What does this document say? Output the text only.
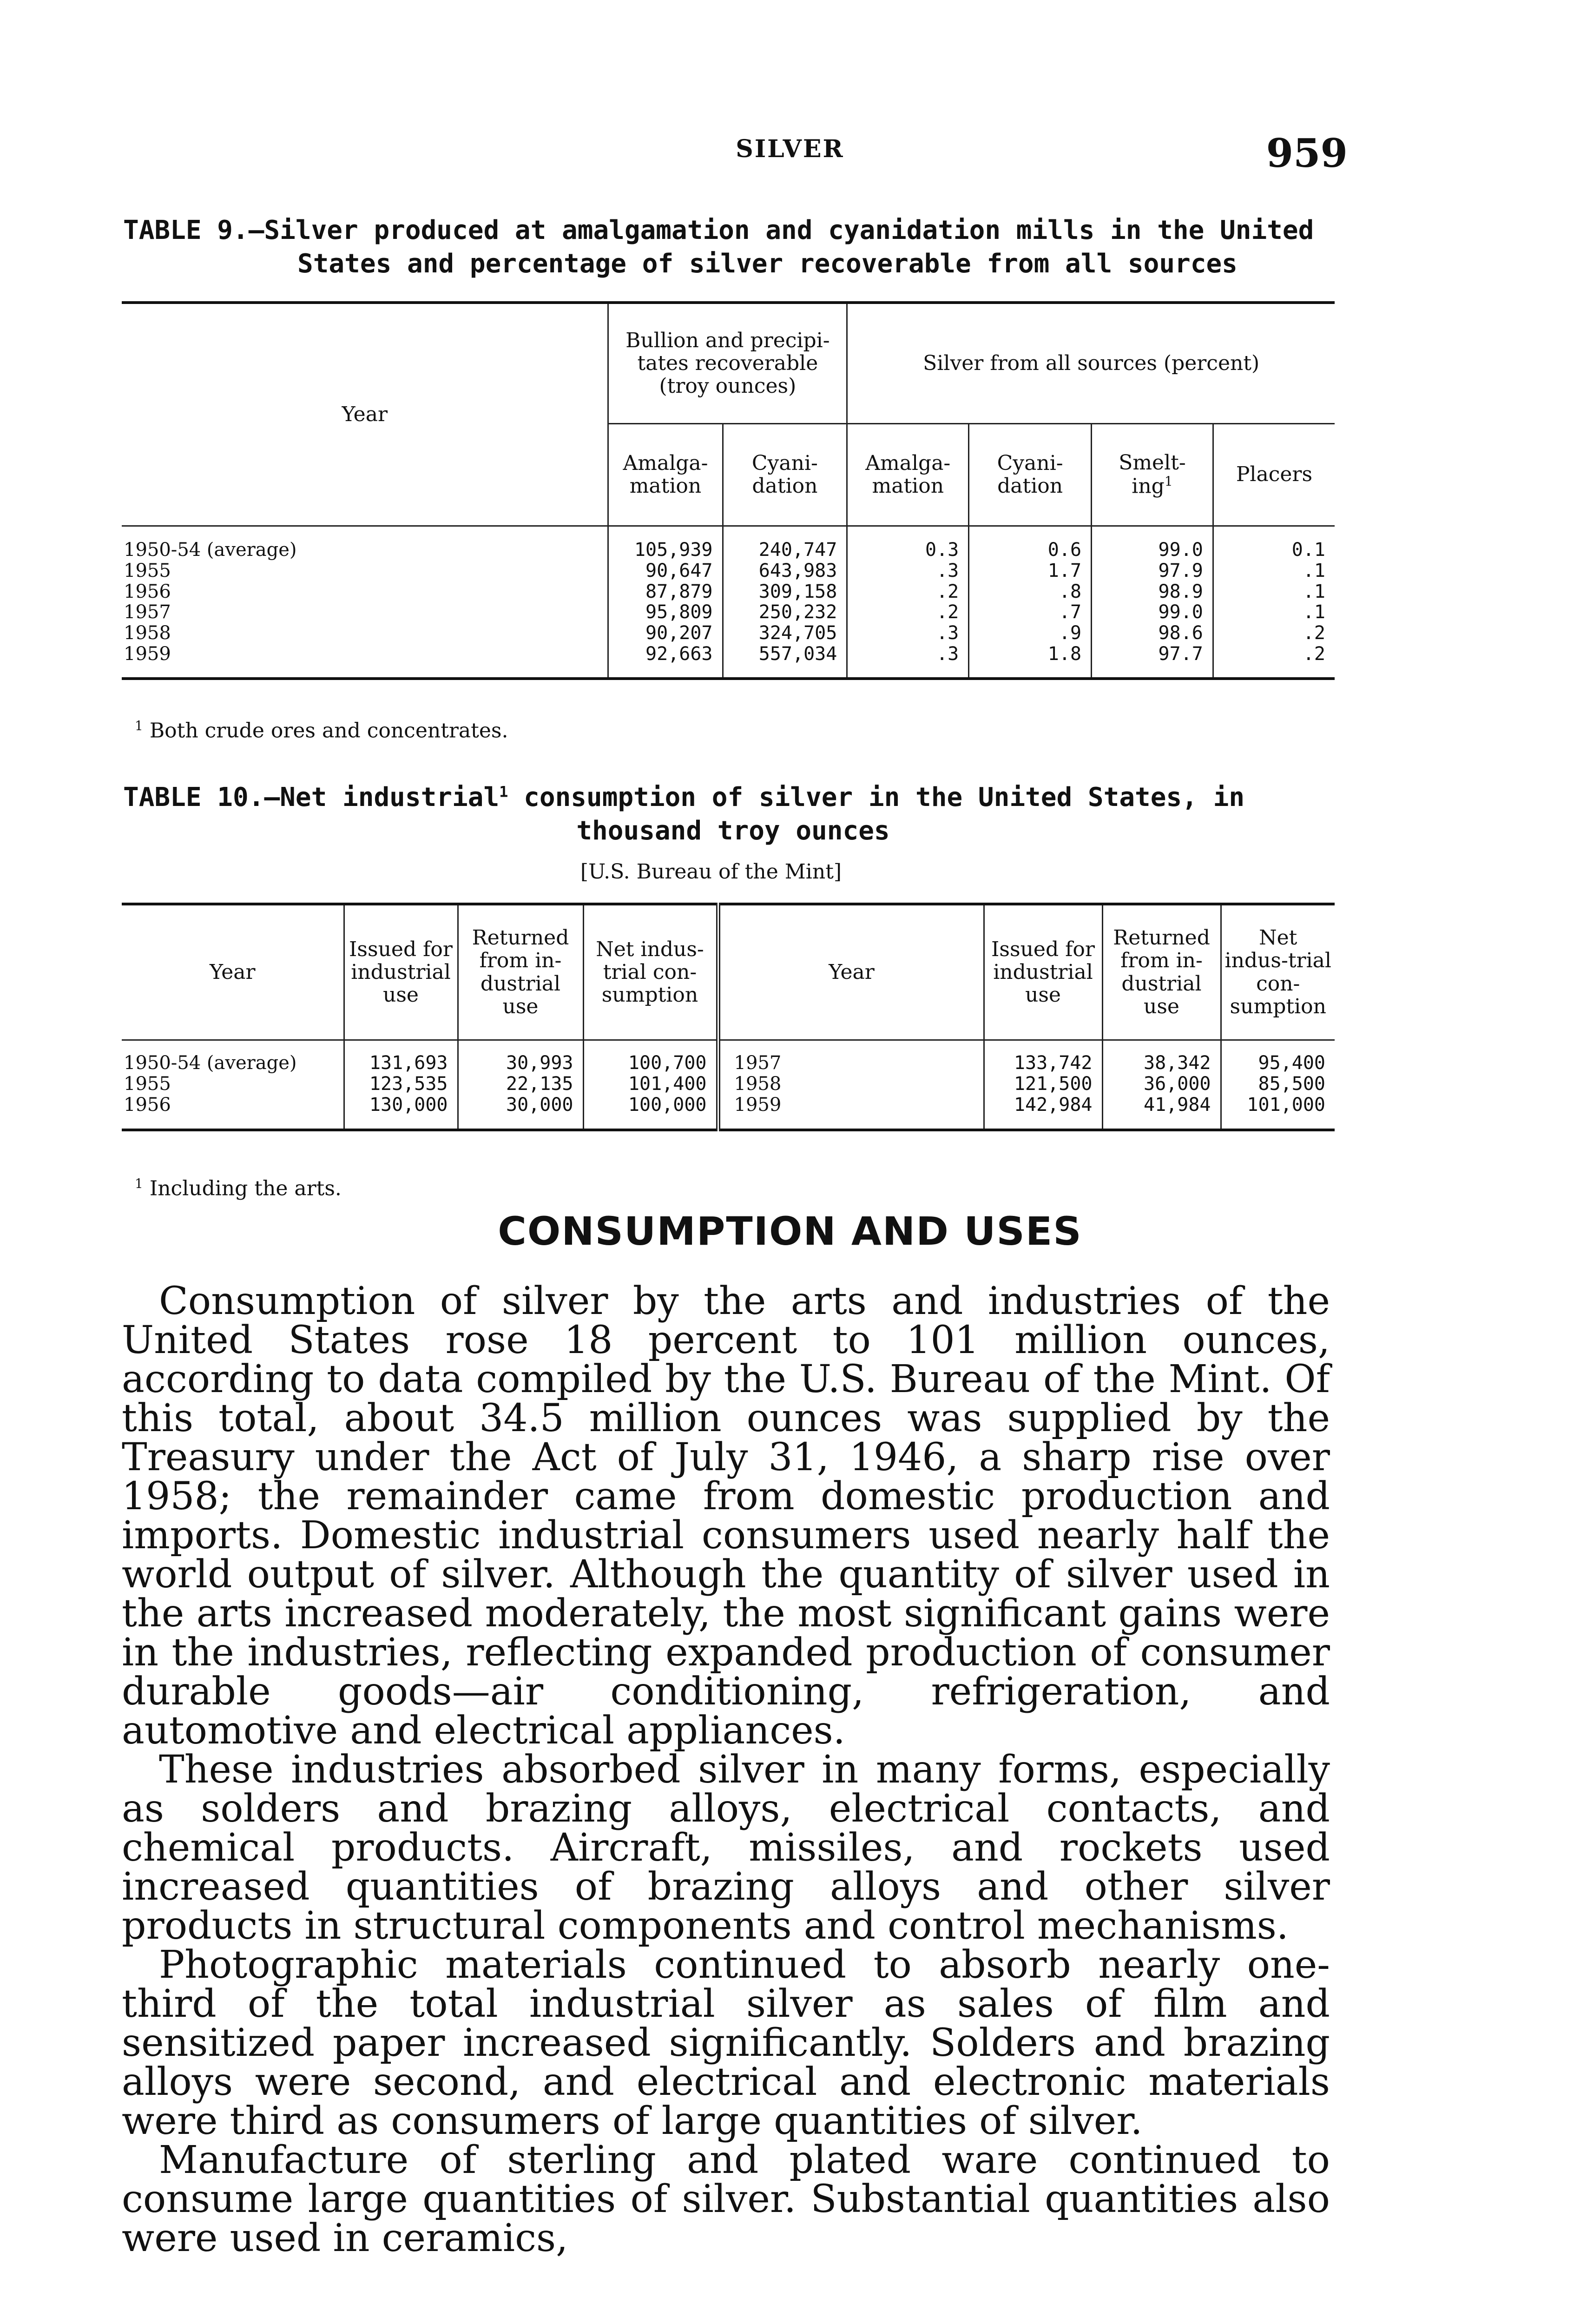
SILVER	959
TABLE 9.—Silver produced at amalgamation and cyanidation mills in the United
States and percentage of silver recoverable from all sources
Year	Bullion and precipi-tates recoverable (troy ounces)		Silver from all sources (percent)			
	Amalga-mation	Cyani-dation	Amalga-mation	Cyani-dation	Smelt-ing$^1$	Placers

1950-54 (average)	105,939	240,747	0.3	0.6	99.0	0.1
1955	90,647	643,983	.3	1.7	97.9	.1
1956	87,879	309,158	.2	.8	98.9	.1
1957	95,809	250,232	.2	.7	99.0	.1
1958	90,207	324,705	.3	.9	98.6	.2
1959	92,663	557,034	.3	1.8	97.7	.2

$^1$ Both crude ores and concentrates.
TABLE 10.—Net industrial$^1$ consumption of silver in the United States, in
thousand troy ounces
[U.S. Bureau of the Mint]
Year	Issued for industrial use	Returned from in-dustrial use	Net indus-trial con-sumption	Year	Issued for industrial use	Returned from in-dustrial use	Net indus-trial con-sumption

1950-54 (average)	131,693	30,993	100,700	1957	133,742	38,342	95,400
1955	123,535	22,135	101,400	1958	121,500	36,000	85,500
1956	130,000	30,000	100,000	1959	142,984	41,984	101,000

$^1$ Including the arts.
CONSUMPTION AND USES

Consumption of silver by the arts and industries of the United States rose 18 percent to 101 million ounces, according to data compiled by the U.S. Bureau of the Mint. Of this total, about 34.5 million ounces was supplied by the Treasury under the Act of July 31, 1946, a sharp rise over 1958; the remainder came from domestic production and imports. Domestic industrial consumers used nearly half the world output of silver. Although the quantity of silver used in the arts increased moderately, the most significant gains were in the industries, reflecting expanded production of consumer durable goods—air conditioning, refrigeration, and automotive and electrical appliances.

These industries absorbed silver in many forms, especially as solders and brazing alloys, electrical contacts, and chemical products. Aircraft, missiles, and rockets used increased quantities of brazing alloys and other silver products in structural components and control mechanisms.

Photographic materials continued to absorb nearly one-third of the total industrial silver as sales of film and sensitized paper increased significantly. Solders and brazing alloys were second, and electrical and electronic materials were third as consumers of large quantities of silver.

Manufacture of sterling and plated ware continued to consume large quantities of silver. Substantial quantities also were used in ceramics,
